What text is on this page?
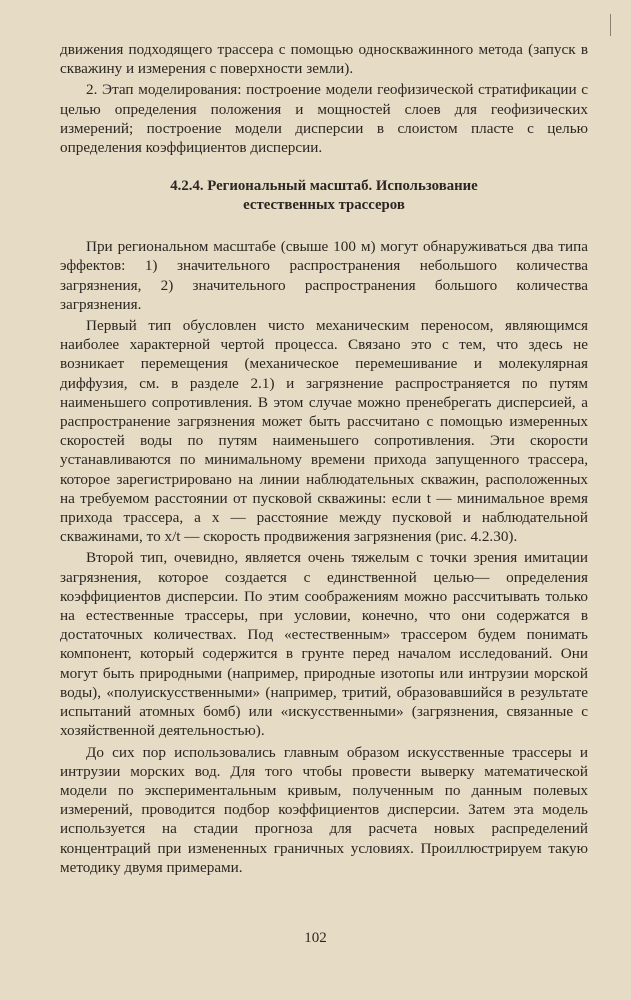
движения подходящего трассера с помощью односкважинного метода (запуск в скважину и измерения с поверхности земли).

2. Этап моделирования: построение модели геофизической стратификации с целью определения положения и мощностей слоев для геофизических измерений; построение модели дисперсии в слоистом пласте с целью определения коэффициентов дисперсии.

4.2.4. Региональный масштаб. Использование
естественных трассеров

При региональном масштабе (свыше 100 м) могут обнаруживаться два типа эффектов: 1) значительного распространения небольшого количества загрязнения, 2) значительного распространения большого количества загрязнения.

Первый тип обусловлен чисто механическим переносом, являющимся наиболее характерной чертой процесса. Связано это с тем, что здесь не возникает перемещения (механическое перемешивание и молекулярная диффузия, см. в разделе 2.1) и загрязнение распространяется по путям наименьшего сопротивления. В этом случае можно пренебрегать дисперсией, а распространение загрязнения может быть рассчитано с помощью измеренных скоростей воды по путям наименьшего сопротивления. Эти скорости устанавливаются по минимальному времени прихода запущенного трассера, которое зарегистрировано на линии наблюдательных скважин, расположенных на требуемом расстоянии от пусковой скважины: если t — минимальное время прихода трассера, а x — расстояние между пусковой и наблюдательной скважинами, то x/t — скорость продвижения загрязнения (рис. 4.2.30).

Второй тип, очевидно, является очень тяжелым с точки зрения имитации загрязнения, которое создается с единственной целью— определения коэффициентов дисперсии. По этим соображениям можно рассчитывать только на естественные трассеры, при условии, конечно, что они содержатся в достаточных количествах. Под «естественным» трассером будем понимать компонент, который содержится в грунте перед началом исследований. Они могут быть природными (например, природные изотопы или интрузии морской воды), «полуискусственными» (например, тритий, образовавшийся в результате испытаний атомных бомб) или «искусственными» (загрязнения, связанные с хозяйственной деятельностью).

До сих пор использовались главным образом искусственные трассеры и интрузии морских вод. Для того чтобы провести выверку математической модели по экспериментальным кривым, полученным по данным полевых измерений, проводится подбор коэффициентов дисперсии. Затем эта модель используется на стадии прогноза для расчета новых распределений концентраций при измененных граничных условиях. Проиллюстрируем такую методику двумя примерами.

102
